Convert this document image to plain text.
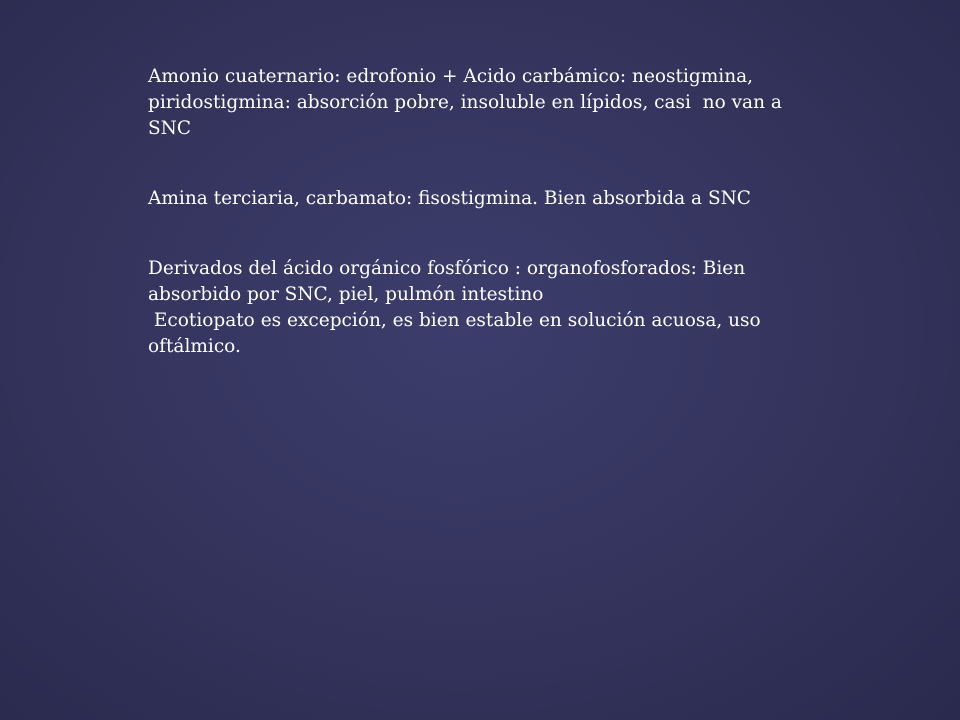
Amonio cuaternario: edrofonio + Acido carbámico: neostigmina,
piridostigmina: absorción pobre, insoluble en lípidos, casi  no van a
SNC

Amina terciaria, carbamato: fisostigmina. Bien absorbida a SNC

Derivados del ácido orgánico fosfórico : organofosforados: Bien
absorbido por SNC, piel, pulmón intestino
Ecotiopato es excepción, es bien estable en solución acuosa, uso
oftálmico.
